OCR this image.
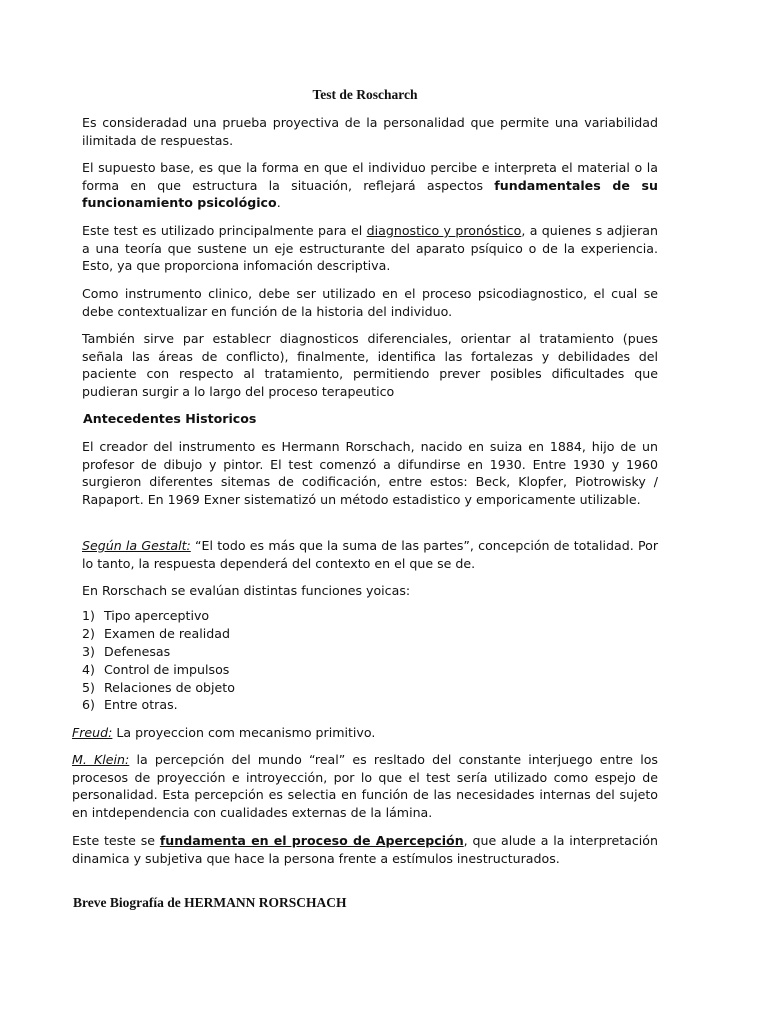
Test de Roscharch

Es consideradad una prueba proyectiva de la personalidad que permite una variabilidad ilimitada de respuestas.

El supuesto base, es que la forma en que el individuo percibe e interpreta el material o la forma en que estructura la situación, reflejará aspectos fundamentales de su funcionamiento psicológico.

Este test es utilizado principalmente para el diagnostico y pronóstico, a quienes s adjieran a una teoría que sustene un eje estructurante del aparato psíquico o de la experiencia. Esto, ya que proporciona infomación descriptiva.

Como instrumento clinico, debe ser utilizado en el proceso psicodiagnostico, el cual se debe contextualizar en función de la historia del individuo.

También sirve par establecr diagnosticos diferenciales, orientar al tratamiento (pues señala las áreas de conflicto), finalmente, identifica las fortalezas y debilidades del paciente con respecto al tratamiento, permitiendo prever posibles dificultades que pudieran surgir a lo largo del proceso terapeutico

Antecedentes Historicos

El creador del instrumento es Hermann Rorschach, nacido en suiza en 1884, hijo de un profesor de dibujo y pintor. El test comenzó a difundirse en 1930. Entre 1930 y 1960 surgieron diferentes sitemas de codificación, entre estos: Beck, Klopfer, Piotrowisky / Rapaport. En 1969 Exner sistematizó un método estadistico y emporicamente utilizable.

Según la Gestalt: “El todo es más que la suma de las partes”, concepción de totalidad. Por lo tanto, la respuesta dependerá del contexto en el que se de.

En Rorschach se evalúan distintas funciones yoicas:

1) Tipo aperceptivo
2) Examen de realidad
3) Defenesas
4) Control de impulsos
5) Relaciones de objeto
6) Entre otras.

Freud: La proyeccion com mecanismo primitivo.

M. Klein: la percepción del mundo “real” es resltado del constante interjuego entre los procesos de proyección e introyección, por lo que el test sería utilizado como espejo de personalidad. Esta percepción es selectia en función de las necesidades internas del sujeto en intdependencia con cualidades externas de la lámina.

Este teste se fundamenta en el proceso de Apercepción, que alude a la interpretación dinamica y subjetiva que hace la persona frente a estímulos inestructurados.

Breve Biografía de HERMANN RORSCHACH
